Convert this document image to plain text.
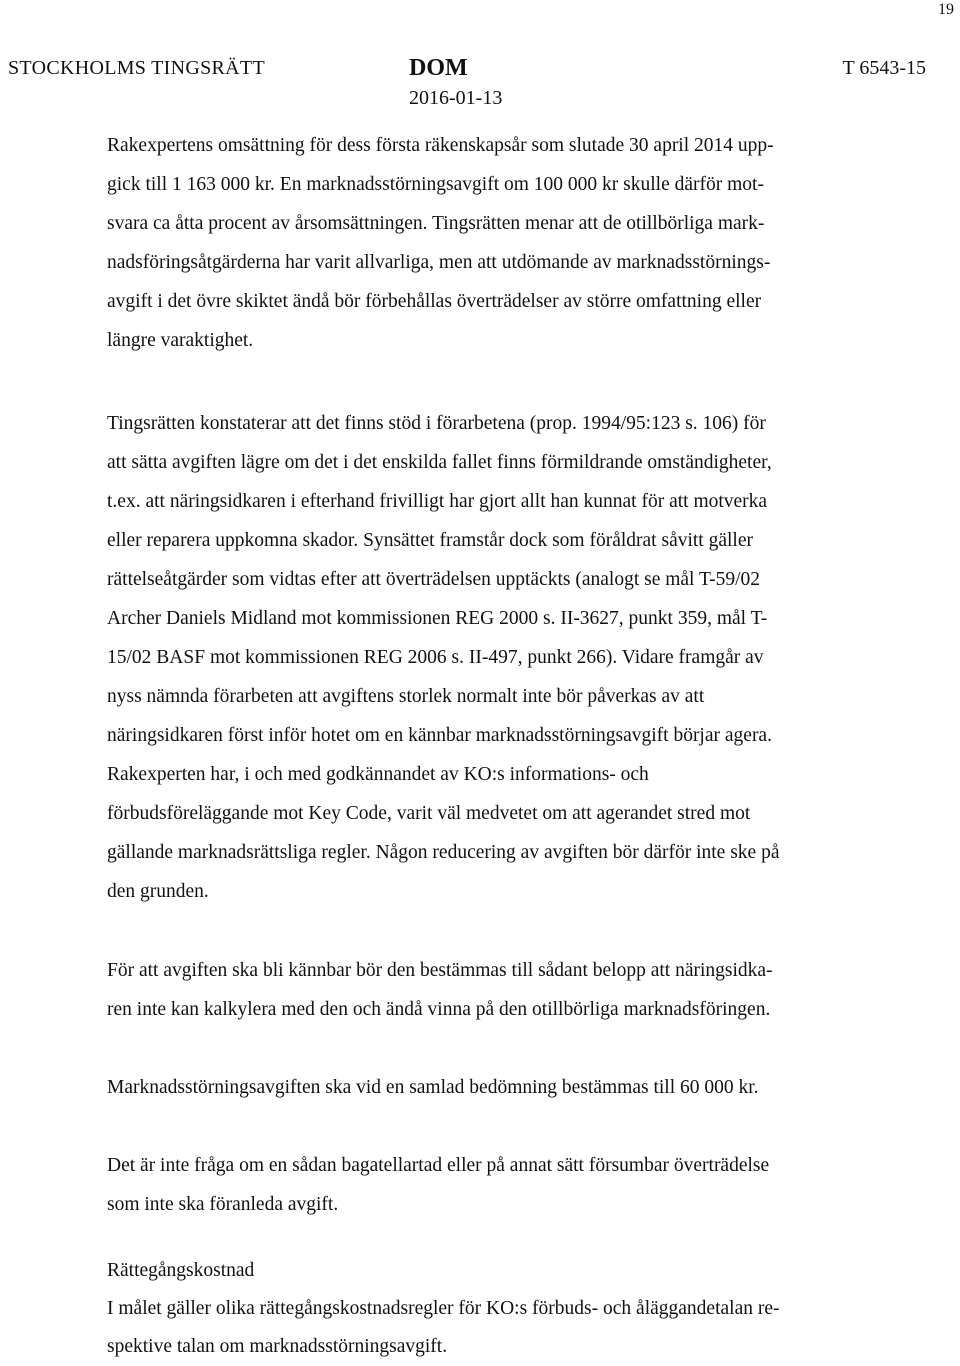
19
STOCKHOLMS TINGSRÄTT	DOM
2016-01-13
T 6543-15
Rakexpertens omsättning för dess första räkenskapsår som slutade 30 april 2014 upp-
gick till 1 163 000 kr. En marknadsstörningsavgift om 100 000 kr skulle därför mot-
svara ca åtta procent av årsomsättningen. Tingsrätten menar att de otillbörliga mark-
nadsföringsåtgärderna har varit allvarliga, men att utdömande av marknadsstörnings-
avgift i det övre skiktet ändå bör förbehållas överträdelser av större omfattning eller
längre varaktighet.
Tingsrätten konstaterar att det finns stöd i förarbetena (prop. 1994/95:123 s. 106) för
att sätta avgiften lägre om det i det enskilda fallet finns förmildrande omständigheter,
t.ex. att näringsidkaren i efterhand frivilligt har gjort allt han kunnat för att motverka
eller reparera uppkomna skador. Synsättet framstår dock som föråldrat såvitt gäller
rättelseåtgärder som vidtas efter att överträdelsen upptäckts (analogt se mål T-59/02
Archer Daniels Midland mot kommissionen REG 2000 s. II-3627, punkt 359, mål T-
15/02 BASF mot kommissionen REG 2006 s. II-497, punkt 266). Vidare framgår av
nyss nämnda förarbeten att avgiftens storlek normalt inte bör påverkas av att
näringsidkaren först inför hotet om en kännbar marknadsstörningsavgift börjar agera.
Rakexperten har, i och med godkännandet av KO:s informations- och
förbudsföreläggande mot Key Code, varit väl medvetet om att agerandet stred mot
gällande marknadsrättsliga regler. Någon reducering av avgiften bör därför inte ske på
den grunden.
För att avgiften ska bli kännbar bör den bestämmas till sådant belopp att näringsidka-
ren inte kan kalkylera med den och ändå vinna på den otillbörliga marknadsföringen.
Marknadsstörningsavgiften ska vid en samlad bedömning bestämmas till 60 000 kr.
Det är inte fråga om en sådan bagatellartad eller på annat sätt försumbar överträdelse
som inte ska föranleda avgift.
Rättegångskostnad
I målet gäller olika rättegångskostnadsregler för KO:s förbuds- och åläggandetalan re-
spektive talan om marknadsstörningsavgift.
